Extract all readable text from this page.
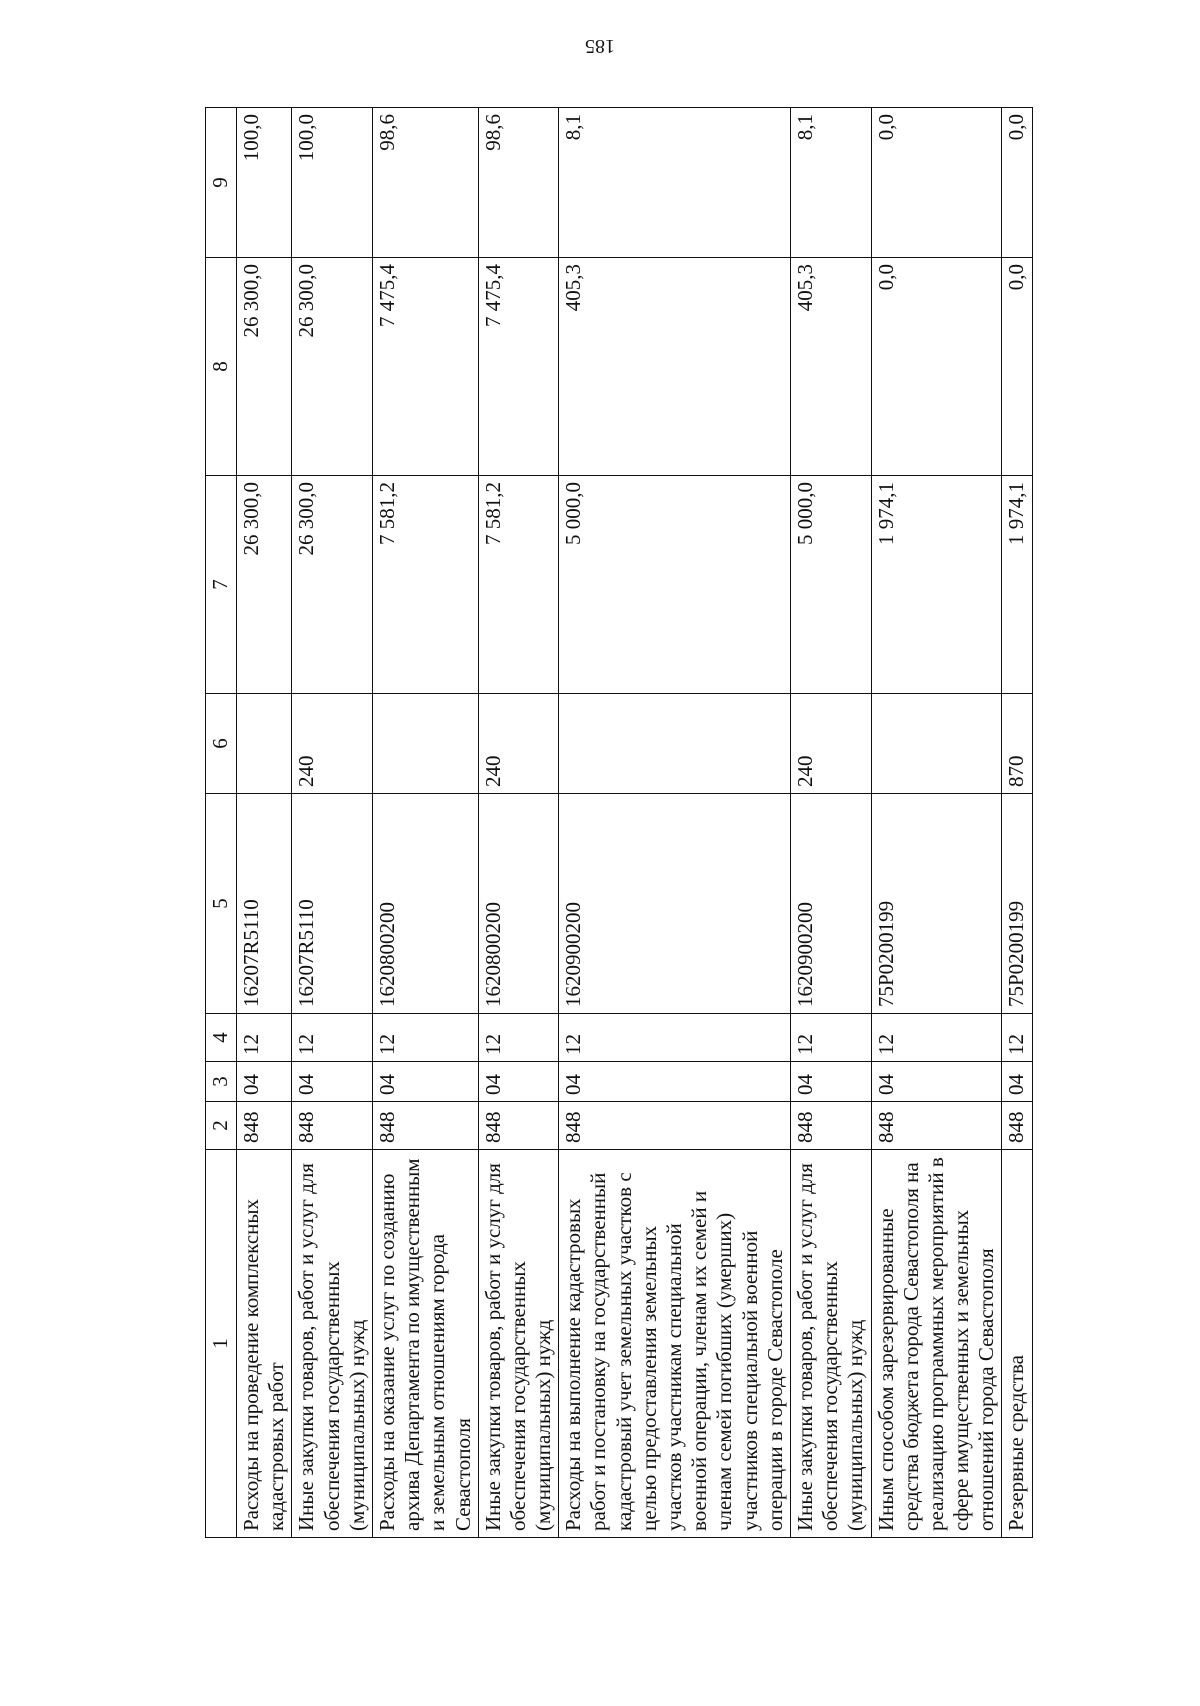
185
1	2	3	4	5	6	7	8	9
Расходы на проведение комплексных кадастровых работ	848	04	12	16207R5110		26 300,0	26 300,0	100,0
Иные закупки товаров, работ и услуг для обеспечения государственных (муниципальных) нужд	848	04	12	16207R5110	240	26 300,0	26 300,0	100,0
Расходы на оказание услуг по созданию архива Департамента по имущественным и земельным отношениям города Севастополя	848	04	12	1620800200		7 581,2	7 475,4	98,6
Иные закупки товаров, работ и услуг для обеспечения государственных (муниципальных) нужд	848	04	12	1620800200	240	7 581,2	7 475,4	98,6
Расходы на выполнение кадастровых работ и постановку на государственный кадастровый учет земельных участков с целью предоставления земельных участков участникам специальной военной операции, членам их семей и членам семей погибших (умерших) участников специальной военной операции в городе Севастополе	848	04	12	1620900200		5 000,0	405,3	8,1
Иные закупки товаров, работ и услуг для обеспечения государственных (муниципальных) нужд	848	04	12	1620900200	240	5 000,0	405,3	8,1
Иным способом зарезервированные средства бюджета города Севастополя на реализацию программных мероприятий в сфере имущественных и земельных отношений города Севастополя	848	04	12	75P0200199		1 974,1	0,0	0,0
Резервные средства	848	04	12	75P0200199	870	1 974,1	0,0	0,0
